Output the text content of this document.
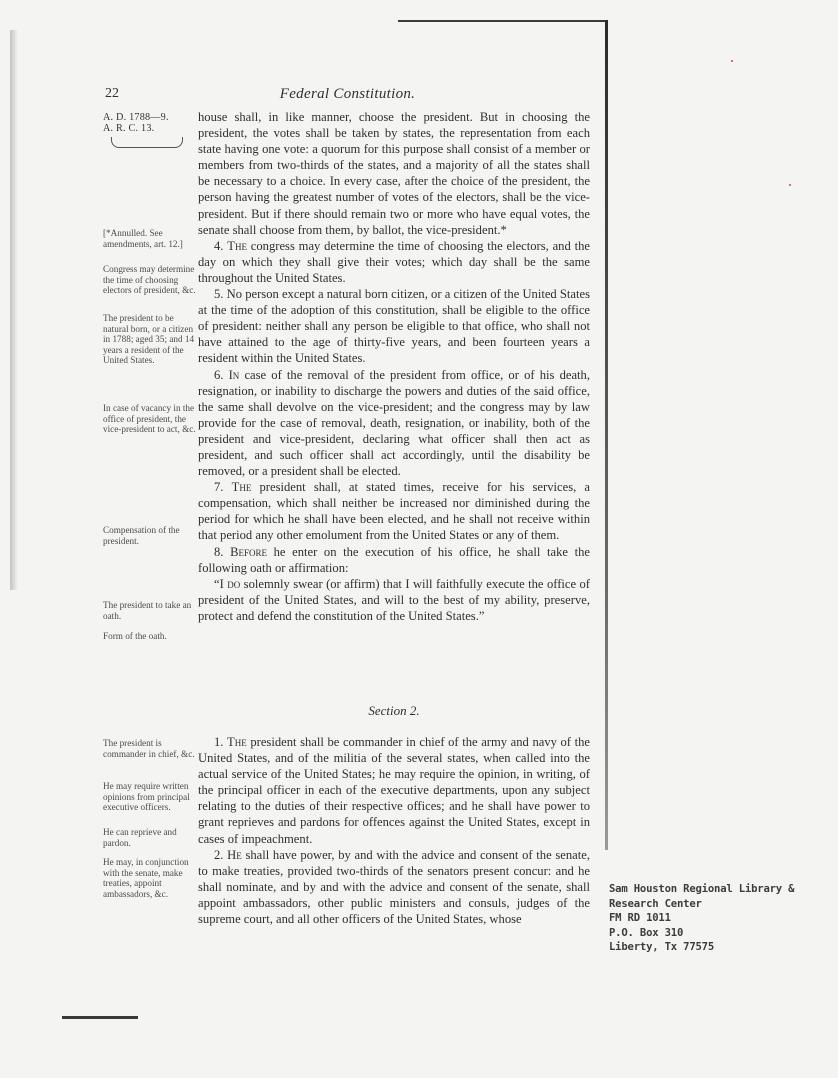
22	Federal Constitution.
A. D. 1788—9.
A. R. C. 13.
[*Annulled. See amendments, art. 12.]
Congress may determine the time of choosing electors of president, &c.
The president to be natural born, or a citizen in 1788; aged 35; and 14 years a resident of the United States.
In case of vacancy in the office of president, the vice-president to act, &c.
Compensation of the president.
The president to take an oath.
Form of the oath.
The president is commander in chief, &c.
He may require written opinions from principal executive officers.
He can reprieve and pardon.
He may, in conjunction with the senate, make treaties, appoint ambassadors, &c.

house shall, in like manner, choose the president. But in choosing the president, the votes shall be taken by states, the representation from each state having one vote: a quorum for this purpose shall consist of a member or members from two-thirds of the states, and a majority of all the states shall be necessary to a choice. In every case, after the choice of the president, the person having the greatest number of votes of the electors, shall be the vice-president. But if there should remain two or more who have equal votes, the senate shall choose from them, by ballot, the vice-president.*

4. The congress may determine the time of choosing the electors, and the day on which they shall give their votes; which day shall be the same throughout the United States.

5. No person except a natural born citizen, or a citizen of the United States at the time of the adoption of this constitution, shall be eligible to the office of president: neither shall any person be eligible to that office, who shall not have attained to the age of thirty-five years, and been fourteen years a resident within the United States.

6. In case of the removal of the president from office, or of his death, resignation, or inability to discharge the powers and duties of the said office, the same shall devolve on the vice-president; and the congress may by law provide for the case of removal, death, resignation, or inability, both of the president and vice-president, declaring what officer shall then act as president, and such officer shall act accordingly, until the disability be removed, or a president shall be elected.

7. The president shall, at stated times, receive for his services, a compensation, which shall neither be increased nor diminished during the period for which he shall have been elected, and he shall not receive within that period any other emolument from the United States or any of them.

8. Before he enter on the execution of his office, he shall take the following oath or affirmation:

“I do solemnly swear (or affirm) that I will faithfully execute the office of president of the United States, and will to the best of my ability, preserve, protect and defend the constitution of the United States.”

Section 2.

1. The president shall be commander in chief of the army and navy of the United States, and of the militia of the several states, when called into the actual service of the United States; he may require the opinion, in writing, of the principal officer in each of the executive departments, upon any subject relating to the duties of their respective offices; and he shall have power to grant reprieves and pardons for offences against the United States, except in cases of impeachment.

2. He shall have power, by and with the advice and consent of the senate, to make treaties, provided two-thirds of the senators present concur: and he shall nominate, and by and with the advice and consent of the senate, shall appoint ambassadors, other public ministers and consuls, judges of the supreme court, and all other officers of the United States, whose

Sam Houston Regional Library &
Research Center
FM RD 1011
P.O. Box 310
Liberty, Tx 77575
